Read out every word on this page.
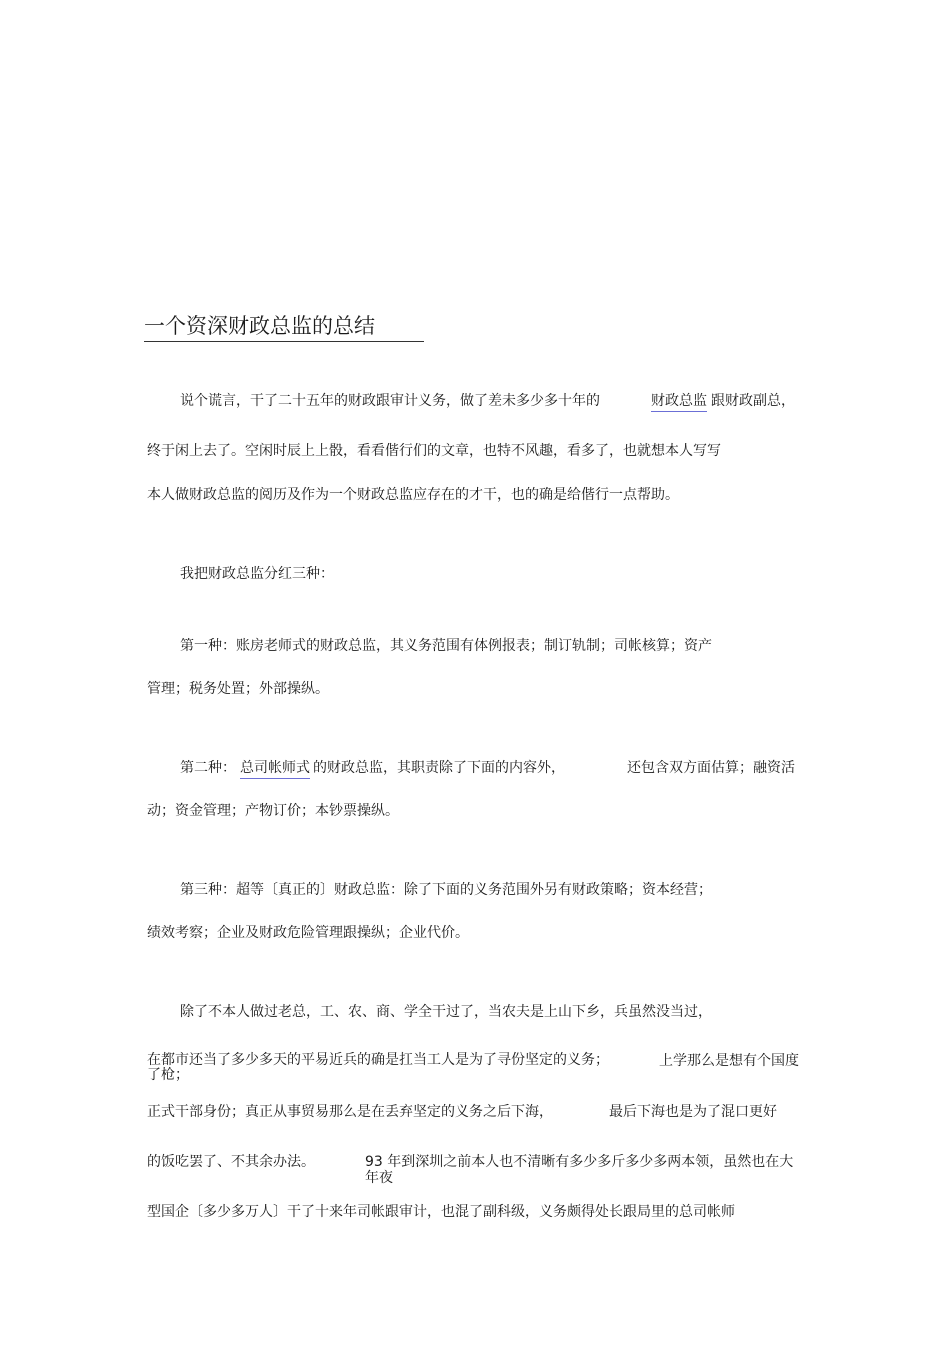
一个资深财政总监的总结
说个谎言，干了二十五年的财政跟审计义务，做了差未多少多十年的	财政总监 跟财政副总，
终于闲上去了。空闲时辰上上骰，看看偕行们的文章，也特不风趣，看多了，也就想本人写写
本人做财政总监的阅历及作为一个财政总监应存在的才干，也的确是给偕行一点帮助。
我把财政总监分红三种：
第一种：账房老师式的财政总监，其义务范围有体例报表；制订轨制；司帐核算；资产
管理；税务处置；外部操纵。
第二种： 总司帐师式 的财政总监，其职责除了下面的内容外，	还包含双方面估算；融资活
动；资金管理；产物订价；本钞票操纵。
第三种：超等〔真正的〕财政总监：除了下面的义务范围外另有财政策略；资本经营；
绩效考察；企业及财政危险管理跟操纵；企业代价。
除了不本人做过老总，工、农、商、学全干过了，当农夫是上山下乡，兵虽然没当过，
在都市还当了多少多天的平易近兵的确是扛当工人是为了寻份坚定的义务；
了枪；
上学那么是想有个国度
正式干部身份；真正从事贸易那么是在丢弃坚定的义务之后下海，	最后下海也是为了混口更好
的饭吃罢了、不其余办法。	93 年到深圳之前本人也不清晰有多少多斤多少多两本领，虽然也在大
年夜
型国企〔多少多万人〕干了十来年司帐跟审计，也混了副科级，义务颇得处长跟局里的总司帐师
